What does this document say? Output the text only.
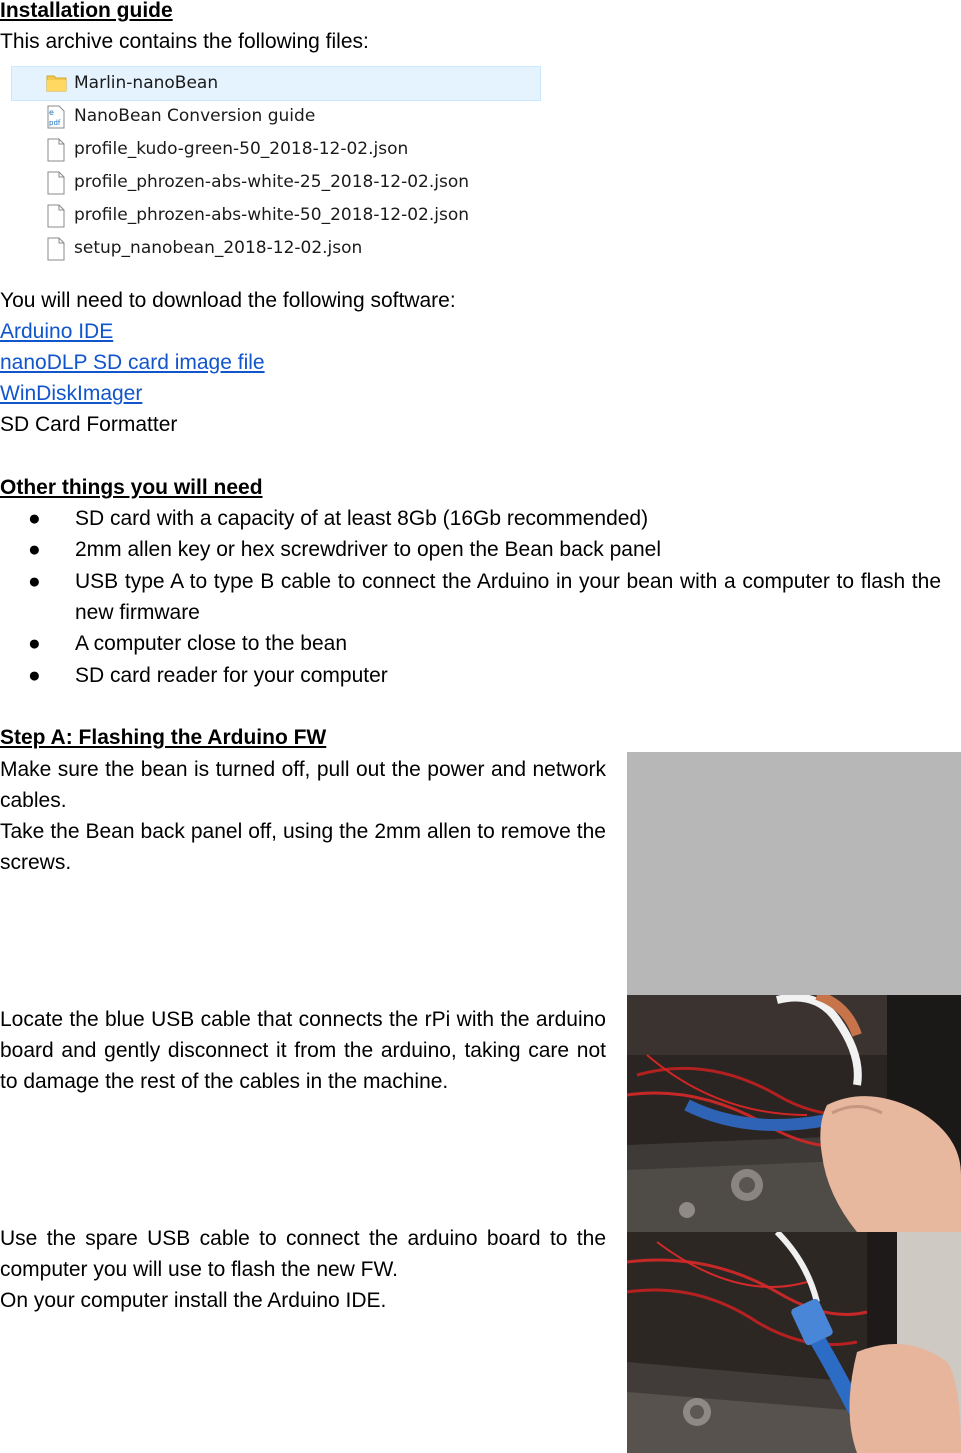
Installation guide
This archive contains the following files:
Marlin-nanoBean
e
pdf NanoBean Conversion guide
profile_kudo-green-50_2018-12-02.json
profile_phrozen-abs-white-25_2018-12-02.json
profile_phrozen-abs-white-50_2018-12-02.json
setup_nanobean_2018-12-02.json
You will need to download the following software:
Arduino IDE
nanoDLP SD card image file
WinDiskImager
SD Card Formatter
Other things you will need
● SD card with a capacity of at least 8Gb (16Gb recommended)
● 2mm allen key or hex screwdriver to open the Bean back panel
● USB type A to type B cable to connect the Arduino in your bean with a computer to flash the new firmware
● A computer close to the bean
● SD card reader for your computer
Step A: Flashing the Arduino FW
Make sure the bean is turned off, pull out the power and network cables.
Take the Bean back panel off, using the 2mm allen to remove the screws.
Locate the blue USB cable that connects the rPi with the arduino board and gently disconnect it from the arduino, taking care not to damage the rest of the cables in the machine.
Use the spare USB cable to connect the arduino board to the computer you will use to flash the new FW.
On your computer install the Arduino IDE.
